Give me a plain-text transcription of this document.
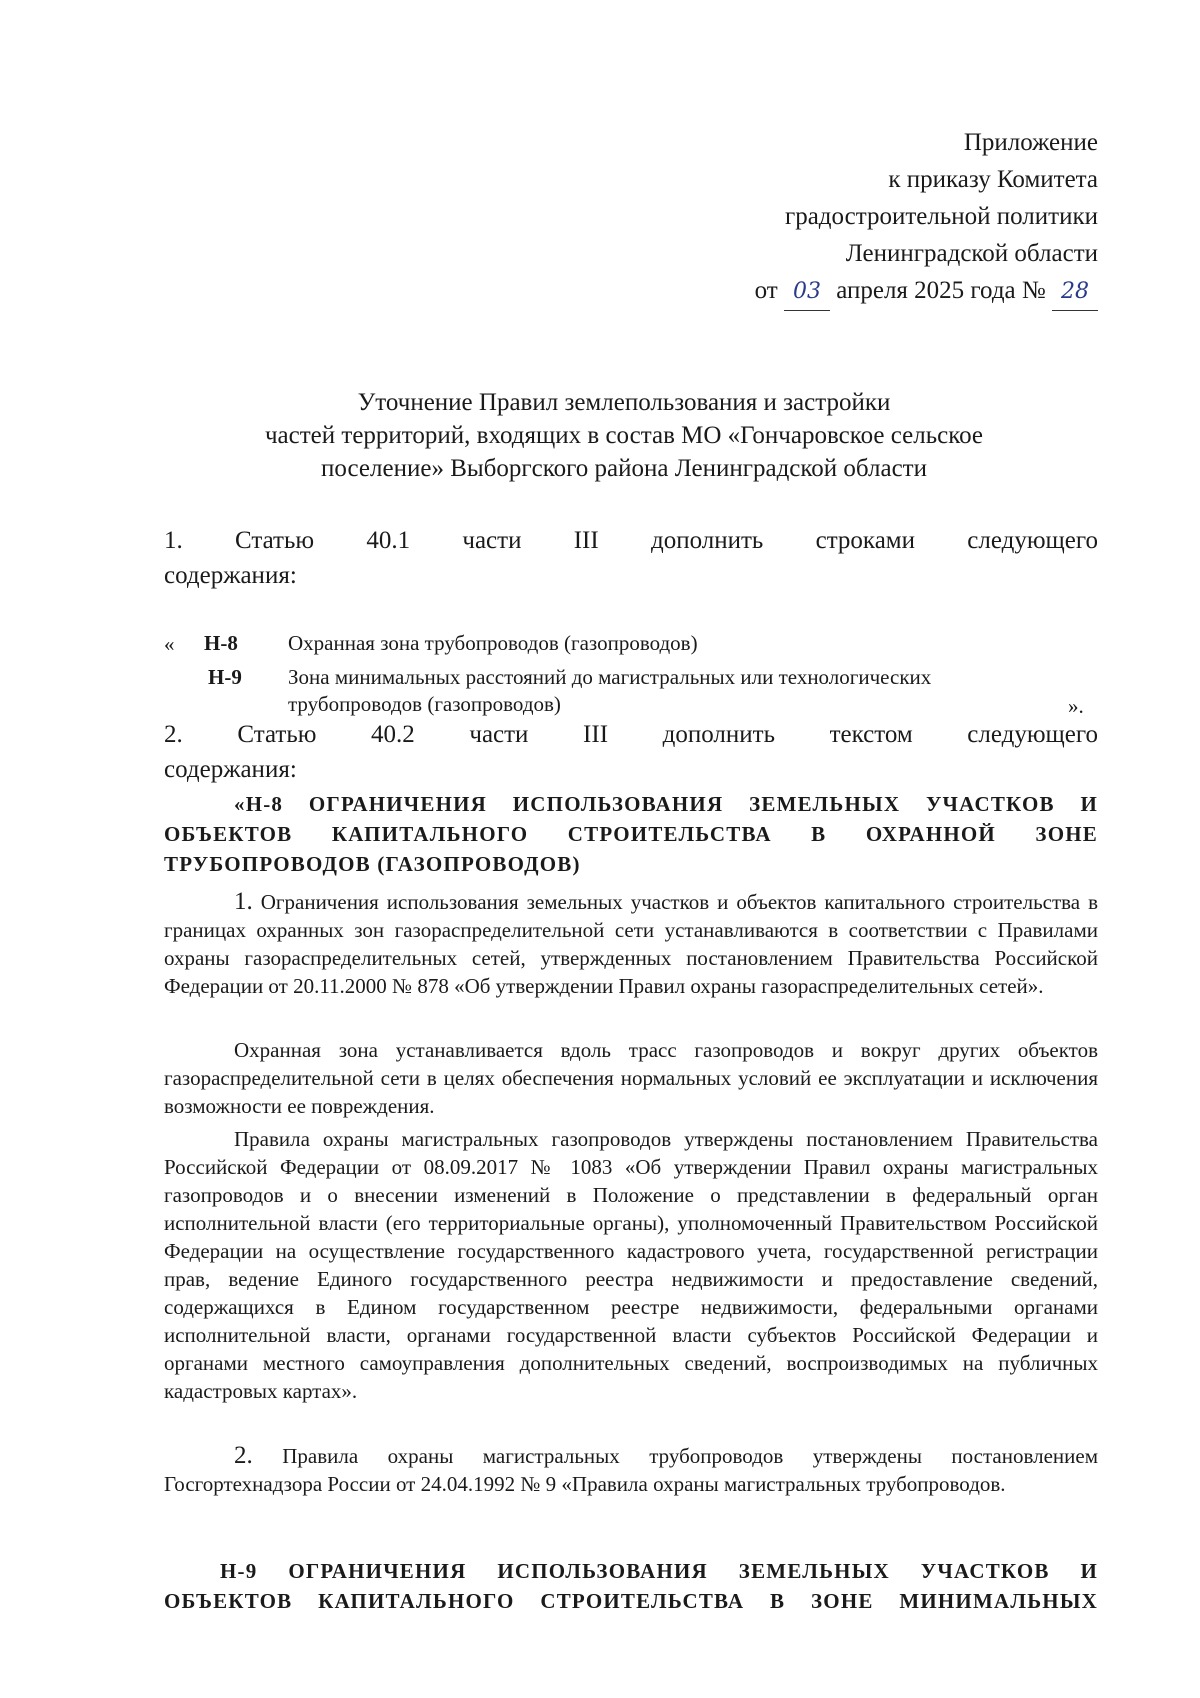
Приложение
к приказу Комитета
градостроительной политики
Ленинградской области
от 03 апреля 2025 года № 28
Уточнение Правил землепользования и застройки
частей территорий, входящих в состав МО «Гончаровское сельское
поселение» Выборгского района Ленинградской области
1. Статью 40.1 части III дополнить строками следующего
содержания:
« Н-8 Охранная зона трубопроводов (газопроводов)
Н-9 Зона минимальных расстояний до магистральных или технологических
трубопроводов (газопроводов)	».
2. Статью 40.2 части III дополнить текстом следующего
содержания:
«Н-8 ОГРАНИЧЕНИЯ ИСПОЛЬЗОВАНИЯ ЗЕМЕЛЬНЫХ УЧАСТКОВ И
ОБЪЕКТОВ КАПИТАЛЬНОГО СТРОИТЕЛЬСТВА В ОХРАННОЙ ЗОНЕ
ТРУБОПРОВОДОВ (ГАЗОПРОВОДОВ)
1. Ограничения использования земельных участков и объектов капитального строительства в границах охранных зон газораспределительной сети устанавливаются в соответствии с Правилами охраны газораспределительных сетей, утвержденных постановлением Правительства Российской Федерации от 20.11.2000 № 878 «Об утверждении Правил охраны газораспределительных сетей».
Охранная зона устанавливается вдоль трасс газопроводов и вокруг других объектов газораспределительной сети в целях обеспечения нормальных условий ее эксплуатации и исключения возможности ее повреждения.
Правила охраны магистральных газопроводов утверждены постановлением Правительства Российской Федерации от 08.09.2017 № 1083 «Об утверждении Правил охраны магистральных газопроводов и о внесении изменений в Положение о представлении в федеральный орган исполнительной власти (его территориальные органы), уполномоченный Правительством Российской Федерации на осуществление государственного кадастрового учета, государственной регистрации прав, ведение Единого государственного реестра недвижимости и предоставление сведений, содержащихся в Едином государственном реестре недвижимости, федеральными органами исполнительной власти, органами государственной власти субъектов Российской Федерации и органами местного самоуправления дополнительных сведений, воспроизводимых на публичных кадастровых картах».
2. Правила охраны магистральных трубопроводов утверждены постановлением Госгортехнадзора России от 24.04.1992 № 9 «Правила охраны магистральных трубопроводов.
Н-9 ОГРАНИЧЕНИЯ ИСПОЛЬЗОВАНИЯ ЗЕМЕЛЬНЫХ УЧАСТКОВ И
ОБЪЕКТОВ КАПИТАЛЬНОГО СТРОИТЕЛЬСТВА В ЗОНЕ МИНИМАЛЬНЫХ
